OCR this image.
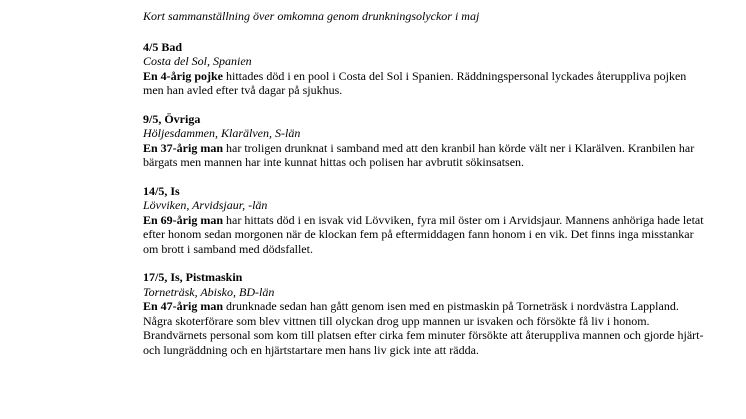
Kort sammanställning över omkomna genom drunkningsolyckor i maj

4/5 Bad

Costa del Sol, Spanien

En 4-årig pojke hittades död i en pool i Costa del Sol i Spanien. Räddningspersonal lyckades återuppliva pojken men han avled efter två dagar på sjukhus.

9/5, Övriga

Höljesdammen, Klarälven, S-län

En 37-årig man har troligen drunknat i samband med att den kranbil han körde vält ner i Klarälven. Kranbilen har bärgats men mannen har inte kunnat hittas och polisen har avbrutit sökinsatsen.

14/5, Is

Lövviken, Arvidsjaur, -län

En 69-årig man har hittats död i en isvak vid Lövviken, fyra mil öster om i Arvidsjaur. Mannens anhöriga hade letat efter honom sedan morgonen när de klockan fem på eftermiddagen fann honom i en vik. Det finns inga misstankar om brott i samband med dödsfallet.

17/5, Is, Pistmaskin

Torneträsk, Abisko, BD-län

En 47-årig man drunknade sedan han gått genom isen med en pistmaskin på Torneträsk i nordvästra Lappland. Några skoterförare som blev vittnen till olyckan drog upp mannen ur isvaken och försökte få liv i honom. Brandvärnets personal som kom till platsen efter cirka fem minuter försökte att återuppliva mannen och gjorde hjärt- och lungräddning och en hjärtstartare men hans liv gick inte att rädda.
